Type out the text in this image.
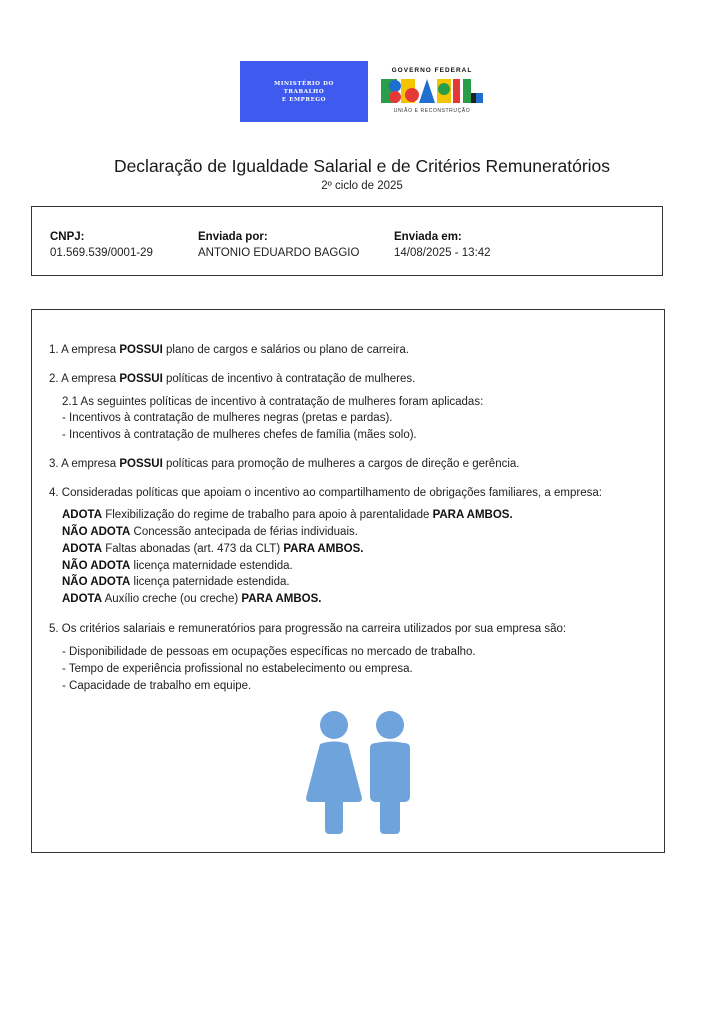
MINISTÉRIO DO
TRABALHO
E EMPREGO
GOVERNO FEDERAL
UNIÃO E RECONSTRUÇÃO
Declaração de Igualdade Salarial e de Critérios Remuneratórios
2º ciclo de 2025
CNPJ:
01.569.539/0001-29
Enviada por:
ANTONIO EDUARDO BAGGIO
Enviada em:
14/08/2025 - 13:42
1. A empresa POSSUI plano de cargos e salários ou plano de carreira.
2. A empresa POSSUI políticas de incentivo à contratação de mulheres.
2.1 As seguintes políticas de incentivo à contratação de mulheres foram aplicadas:
- Incentivos à contratação de mulheres negras (pretas e pardas).
- Incentivos à contratação de mulheres chefes de família (mães solo).
3. A empresa POSSUI políticas para promoção de mulheres a cargos de direção e gerência.
4. Consideradas políticas que apoiam o incentivo ao compartilhamento de obrigações familiares, a empresa:
ADOTA Flexibilização do regime de trabalho para apoio à parentalidade PARA AMBOS.
NÃO ADOTA Concessão antecipada de férias individuais.
ADOTA Faltas abonadas (art. 473 da CLT) PARA AMBOS.
NÃO ADOTA licença maternidade estendida.
NÃO ADOTA licença paternidade estendida.
ADOTA Auxílio creche (ou creche) PARA AMBOS.
5. Os critérios salariais e remuneratórios para progressão na carreira utilizados por sua empresa são:
- Disponibilidade de pessoas em ocupações específicas no mercado de trabalho.
- Tempo de experiência profissional no estabelecimento ou empresa.
- Capacidade de trabalho em equipe.
